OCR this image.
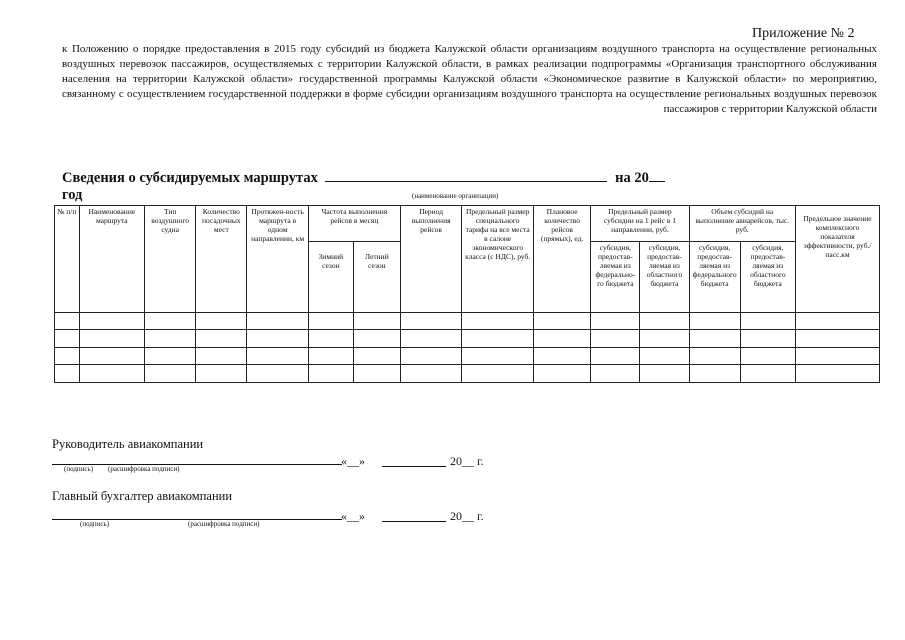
Приложение № 2
к Положению о порядке предоставления в 2015 году субсидий из бюджета Калужской области организациям воздушного транспорта на осуществление региональных воздушных перевозок пассажиров, осуществляемых с территории Калужской области, в рамках реализации подпрограммы «Организация транспортного обслуживания населения на территории Калужской области» государственной программы Калужской области «Экономическое развитие в Калужской области» по мероприятию, связанному с осуществлением государственной поддержки в форме субсидии организациям воздушного транспорта на осуществление региональных воздушных перевозок пассажиров с территории Калужской области
Сведения о субсидируемых маршрутах	на 20 год	(наименование организации)
№ п/п	Наименование маршрута	Тип воздушного судна	Количество посадочных мест	Протяжен-ность маршрута в одном направлении, км	Частота выполнения рейсов в месяц		Период выполнения рейсов	Предельный размер специального тарифа на все места в салоне экономического класса (с НДС), руб.	Плановое количество рейсов (прямых), ед.	Предельный размер субсидии на 1 рейс в 1 направлении, руб.		Объем субсидий на выполнение авиарейсов, тыс. руб.		Предельное значение комплексного показателя эффективности, руб./пасс.км
					Зимний сезон	Летний сезон				субсидия, предостав-ляемая из федерально-го бюджета	субсидия, предостав-ляемая из областного бюджета	субсидия, предостав-ляемая из федерального бюджета	субсидия, предостав-ляемая из областного бюджета	

Руководитель авиакомпании
«__»	20__ г.
(подпись) (расшифровка подписи)
Главный бухгалтер авиакомпании
«__»	20__ г.
(подпись)	(расшифровка подписи)
